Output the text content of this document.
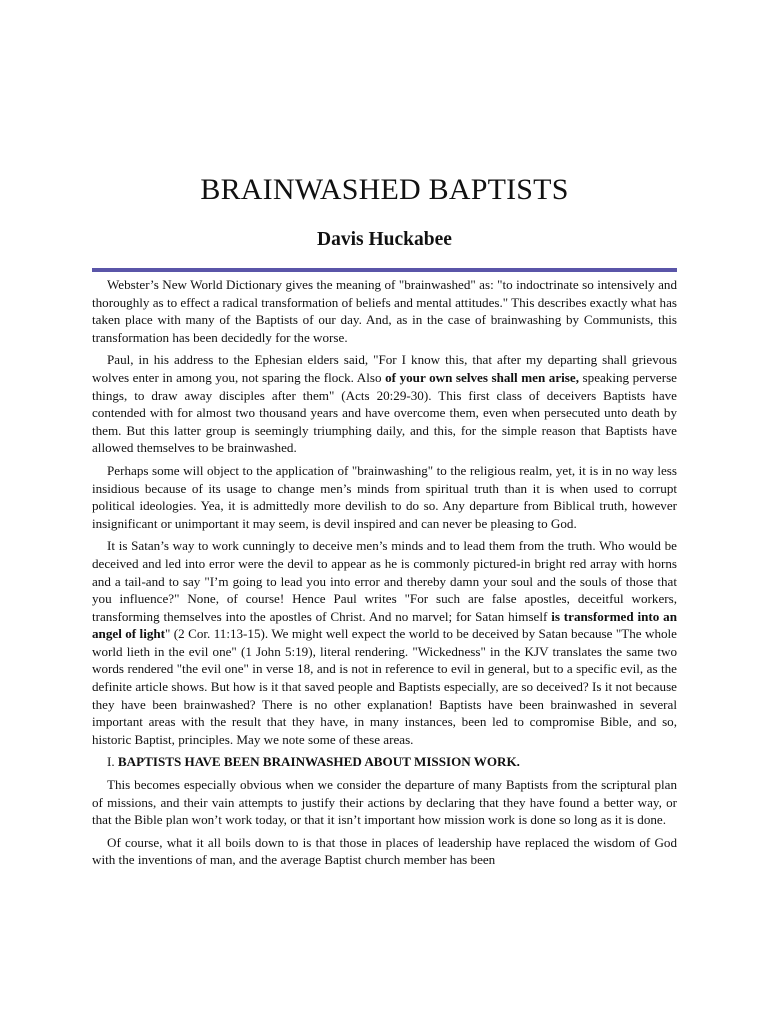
BRAINWASHED BAPTISTS
Davis Huckabee

Webster’s New World Dictionary gives the meaning of "brainwashed" as: "to indoctrinate so intensively and thoroughly as to effect a radical transformation of beliefs and mental attitudes." This describes exactly what has taken place with many of the Baptists of our day. And, as in the case of brainwashing by Communists, this transformation has been decidedly for the worse.

Paul, in his address to the Ephesian elders said, "For I know this, that after my departing shall grievous wolves enter in among you, not sparing the flock. Also of your own selves shall men arise, speaking perverse things, to draw away disciples after them" (Acts 20:29-30). This first class of deceivers Baptists have contended with for almost two thousand years and have overcome them, even when persecuted unto death by them. But this latter group is seemingly triumphing daily, and this, for the simple reason that Baptists have allowed themselves to be brainwashed.

Perhaps some will object to the application of "brainwashing" to the religious realm, yet, it is in no way less insidious because of its usage to change men’s minds from spiritual truth than it is when used to corrupt political ideologies. Yea, it is admittedly more devilish to do so. Any departure from Biblical truth, however insignificant or unimportant it may seem, is devil inspired and can never be pleasing to God.

It is Satan’s way to work cunningly to deceive men’s minds and to lead them from the truth. Who would be deceived and led into error were the devil to appear as he is commonly pictured-in bright red array with horns and a tail-and to say "I’m going to lead you into error and thereby damn your soul and the souls of those that you influence?" None, of course! Hence Paul writes "For such are false apostles, deceitful workers, transforming themselves into the apostles of Christ. And no marvel; for Satan himself is transformed into an angel of light" (2 Cor. 11:13-15). We might well expect the world to be deceived by Satan because "The whole world lieth in the evil one" (1 John 5:19), literal rendering. "Wickedness" in the KJV translates the same two words rendered "the evil one" in verse 18, and is not in reference to evil in general, but to a specific evil, as the definite article shows. But how is it that saved people and Baptists especially, are so deceived? Is it not because they have been brainwashed? There is no other explanation! Baptists have been brainwashed in several important areas with the result that they have, in many instances, been led to compromise Bible, and so, historic Baptist, principles. May we note some of these areas.

I. BAPTISTS HAVE BEEN BRAINWASHED ABOUT MISSION WORK.

This becomes especially obvious when we consider the departure of many Baptists from the scriptural plan of missions, and their vain attempts to justify their actions by declaring that they have found a better way, or that the Bible plan won’t work today, or that it isn’t important how mission work is done so long as it is done.

Of course, what it all boils down to is that those in places of leadership have replaced the wisdom of God with the inventions of man, and the average Baptist church member has been
